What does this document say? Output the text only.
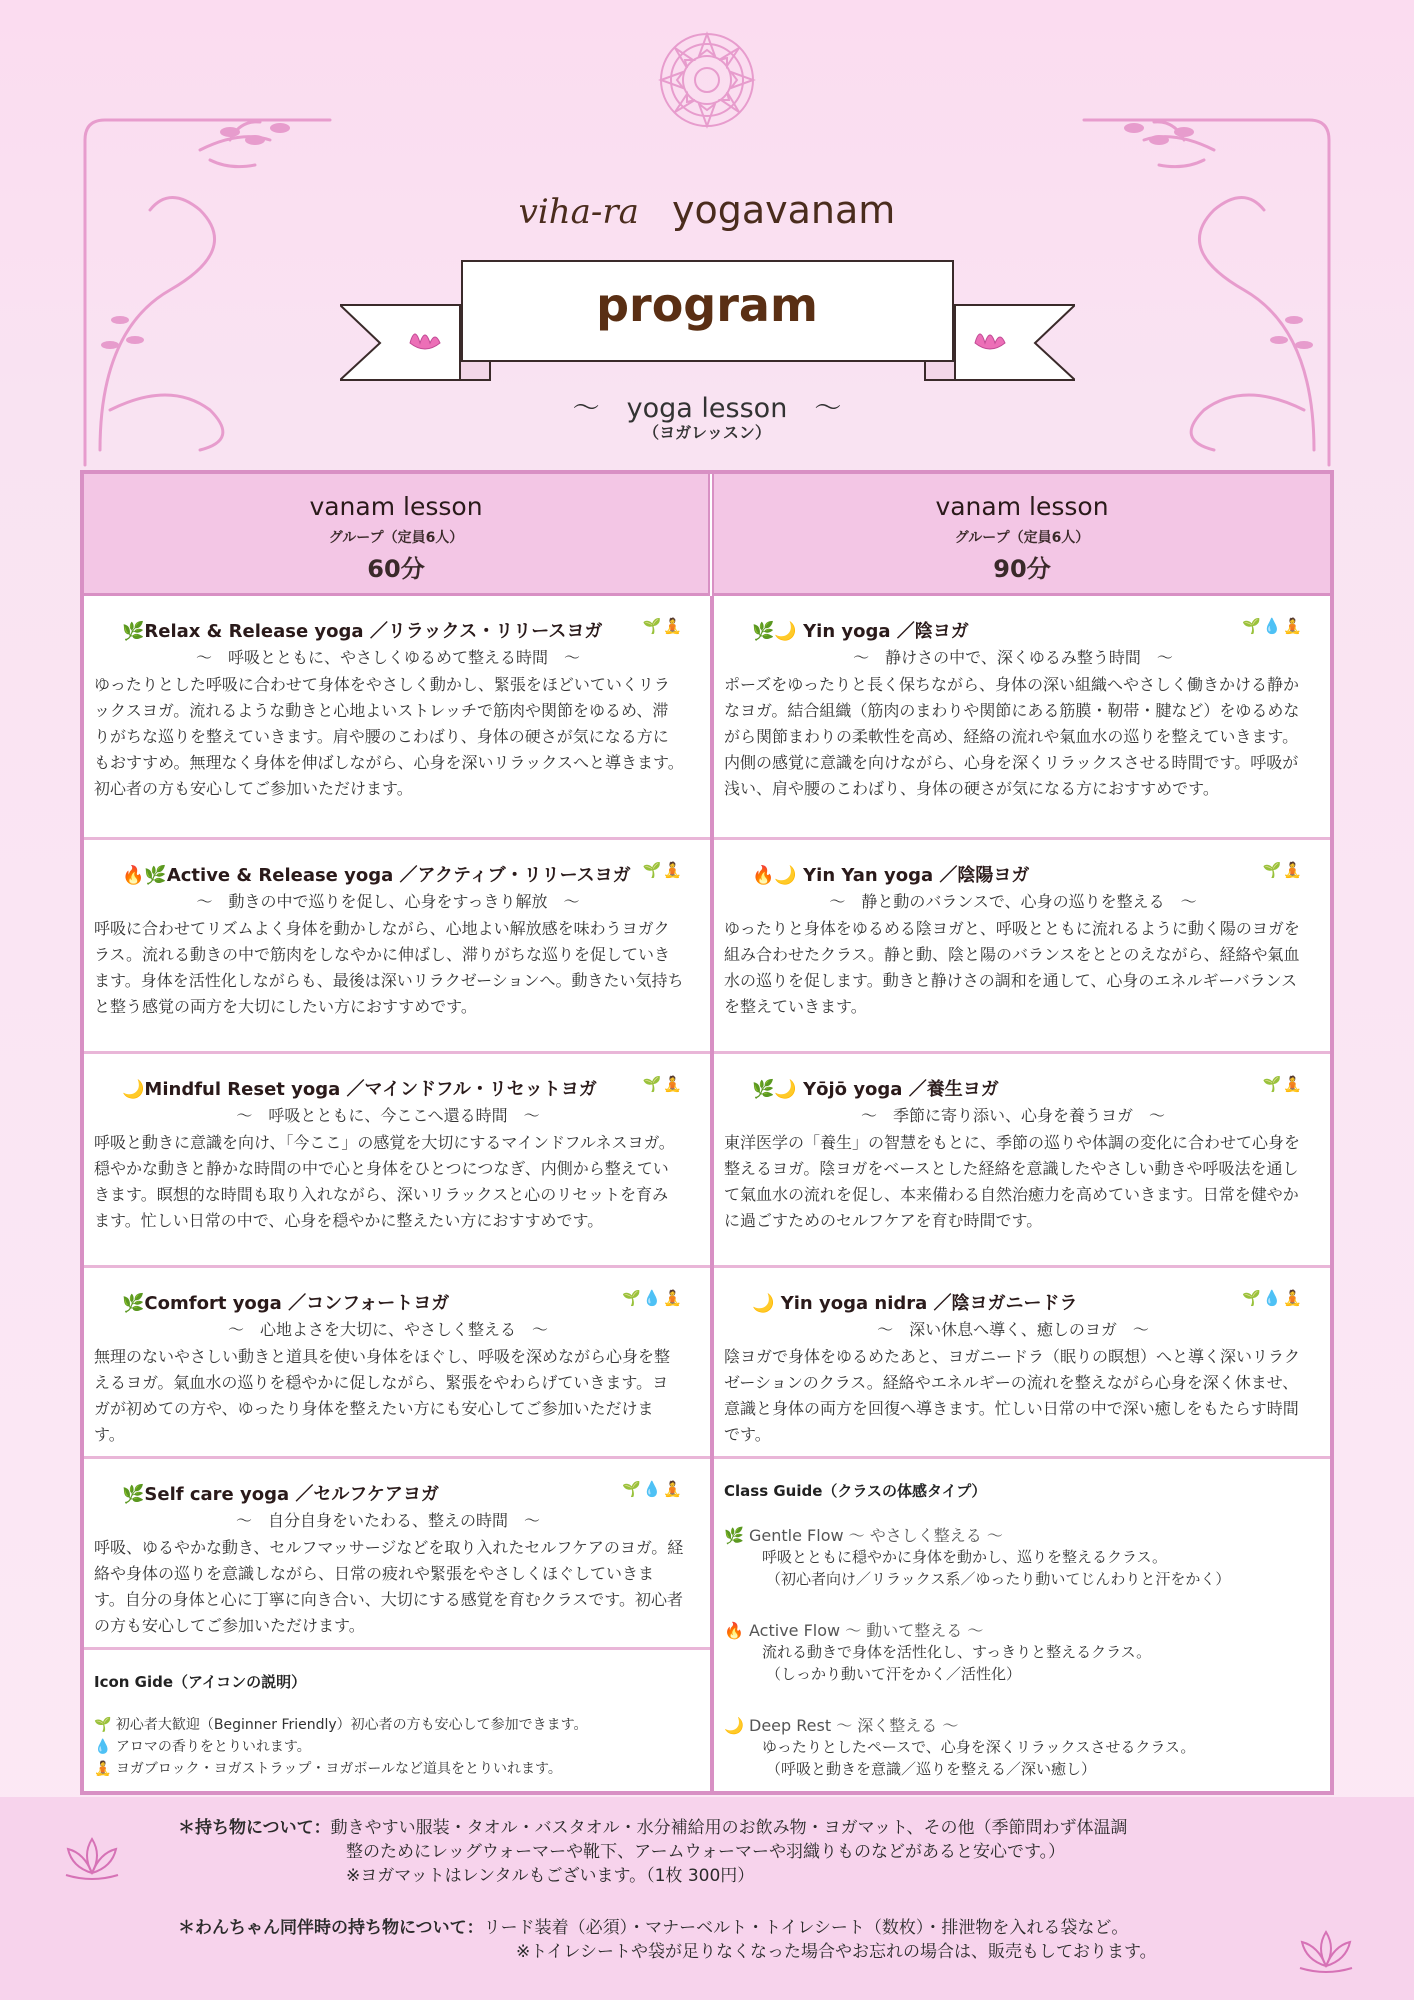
viha-ra yogavanam
program
～　yoga lesson　～
（ヨガレッスン）
vanam lesson
グループ（定員6人）
60分
vanam lesson
グループ（定員6人）
90分
🌿Relax & Release yoga ／リラックス・リリースヨガ	🌱🧘
～　呼吸とともに、やさしくゆるめて整える時間　～
ゆったりとした呼吸に合わせて身体をやさしく動かし、緊張をほどいていくリラックスヨガ。流れるような動きと心地よいストレッチで筋肉や関節をゆるめ、滞りがちな巡りを整えていきます。肩や腰のこわばり、身体の硬さが気になる方にもおすすめ。無理なく身体を伸ばしながら、心身を深いリラックスへと導きます。初心者の方も安心してご参加いただけます。
🔥🌿Active & Release yoga ／アクティブ・リリースヨガ 🌱🧘
～　動きの中で巡りを促し、心身をすっきり解放　～
呼吸に合わせてリズムよく身体を動かしながら、心地よい解放感を味わうヨガクラス。流れる動きの中で筋肉をしなやかに伸ばし、滞りがちな巡りを促していきます。身体を活性化しながらも、最後は深いリラクゼーションへ。動きたい気持ちと整う感覚の両方を大切にしたい方におすすめです。
🌙Mindful Reset yoga ／マインドフル・リセットヨガ	🌱🧘
～　呼吸とともに、今ここへ還る時間　～
呼吸と動きに意識を向け、「今ここ」の感覚を大切にするマインドフルネスヨガ。穏やかな動きと静かな時間の中で心と身体をひとつにつなぎ、内側から整えていきます。瞑想的な時間も取り入れながら、深いリラックスと心のリセットを育みます。忙しい日常の中で、心身を穏やかに整えたい方におすすめです。
🌿Comfort yoga ／コンフォートヨガ	🌱💧🧘
～　心地よさを大切に、やさしく整える　～
無理のないやさしい動きと道具を使い身体をほぐし、呼吸を深めながら心身を整えるヨガ。氣血水の巡りを穏やかに促しながら、緊張をやわらげていきます。ヨガが初めての方や、ゆったり身体を整えたい方にも安心してご参加いただけます。
🌿Self care yoga ／セルフケアヨガ	🌱💧🧘
～　自分自身をいたわる、整えの時間　～
呼吸、ゆるやかな動き、セルフマッサージなどを取り入れたセルフケアのヨガ。経絡や身体の巡りを意識しながら、日常の疲れや緊張をやさしくほぐしていきます。自分の身体と心に丁寧に向き合い、大切にする感覚を育むクラスです。初心者の方も安心してご参加いただけます。
Icon Gide（アイコンの説明）
🌱 初心者大歓迎（Beginner Friendly）初心者の方も安心して参加できます。
💧 アロマの香りをとりいれます。
🧘 ヨガブロック・ヨガストラップ・ヨガボールなど道具をとりいれます。
🌿🌙 Yin yoga ／陰ヨガ	🌱💧🧘
～　静けさの中で、深くゆるみ整う時間　～
ポーズをゆったりと長く保ちながら、身体の深い組織へやさしく働きかける静かなヨガ。結合組織（筋肉のまわりや関節にある筋膜・靭帯・腱など）をゆるめながら関節まわりの柔軟性を高め、経絡の流れや氣血水の巡りを整えていきます。内側の感覚に意識を向けながら、心身を深くリラックスさせる時間です。呼吸が浅い、肩や腰のこわばり、身体の硬さが気になる方におすすめです。
🔥🌙 Yin Yan yoga ／陰陽ヨガ	🌱🧘
～　静と動のバランスで、心身の巡りを整える　～
ゆったりと身体をゆるめる陰ヨガと、呼吸とともに流れるように動く陽のヨガを組み合わせたクラス。静と動、陰と陽のバランスをととのえながら、経絡や氣血水の巡りを促します。動きと静けさの調和を通して、心身のエネルギーバランスを整えていきます。
🌿🌙 Yōjō yoga ／養生ヨガ	🌱🧘
～　季節に寄り添い、心身を養うヨガ　～
東洋医学の「養生」の智慧をもとに、季節の巡りや体調の変化に合わせて心身を整えるヨガ。陰ヨガをベースとした経絡を意識したやさしい動きや呼吸法を通して氣血水の流れを促し、本来備わる自然治癒力を高めていきます。日常を健やかに過ごすためのセルフケアを育む時間です。
🌙 Yin yoga nidra ／陰ヨガニードラ	🌱💧🧘
～　深い休息へ導く、癒しのヨガ　～
陰ヨガで身体をゆるめたあと、ヨガニードラ（眠りの瞑想）へと導く深いリラクゼーションのクラス。経絡やエネルギーの流れを整えながら心身を深く休ませ、意識と身体の両方を回復へ導きます。忙しい日常の中で深い癒しをもたらす時間です。
Class Guide（クラスの体感タイプ）
🌿 Gentle Flow ～ やさしく整える ～
呼吸とともに穏やかに身体を動かし、巡りを整えるクラス。
（初心者向け／リラックス系／ゆったり動いてじんわりと汗をかく）
🔥 Active Flow ～ 動いて整える ～
流れる動きで身体を活性化し、すっきりと整えるクラス。
（しっかり動いて汗をかく／活性化）
🌙 Deep Rest ～ 深く整える ～
ゆったりとしたペースで、心身を深くリラックスさせるクラス。
（呼吸と動きを意識／巡りを整える／深い癒し）
＊持ち物について：動きやすい服装・タオル・バスタオル・水分補給用のお飲み物・ヨガマット、その他（季節問わず体温調
整のためにレッグウォーマーや靴下、アームウォーマーや羽織りものなどがあると安心です。）
※ヨガマットはレンタルもございます。（1枚 300円）
＊わんちゃん同伴時の持ち物について：リード装着（必須）・マナーベルト・トイレシート（数枚）・排泄物を入れる袋など。
※トイレシートや袋が足りなくなった場合やお忘れの場合は、販売もしております。
